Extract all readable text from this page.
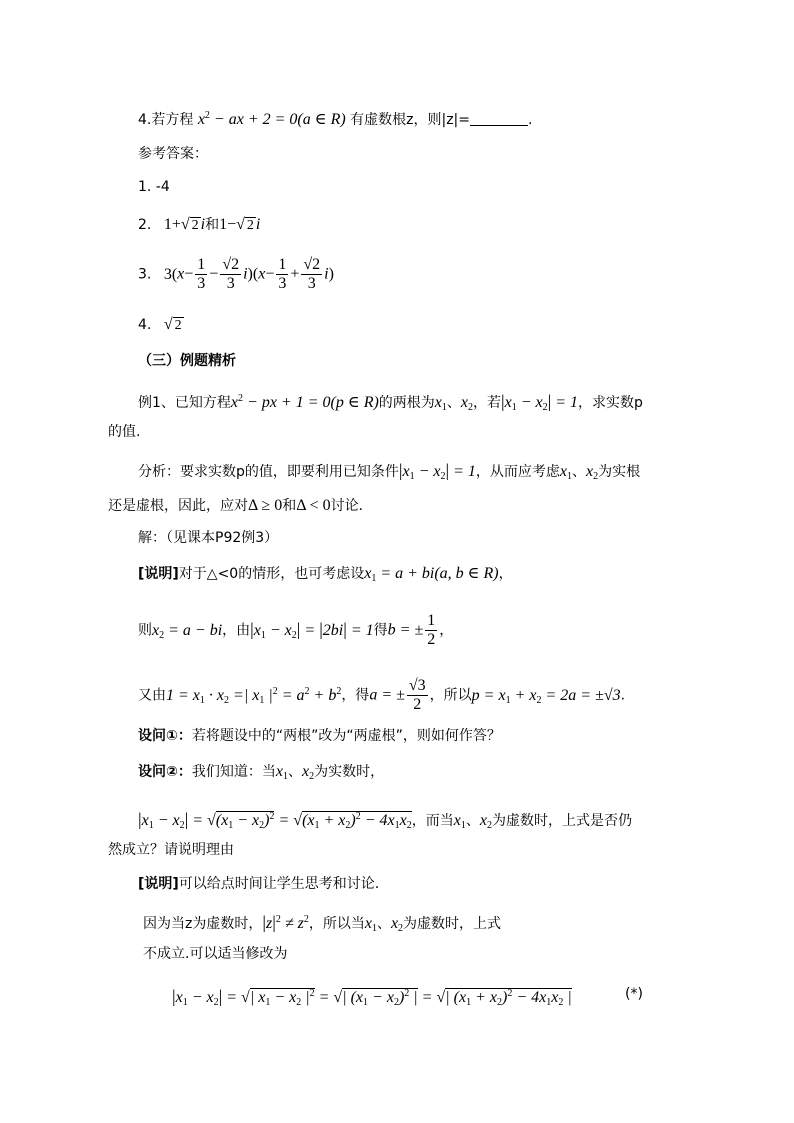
4.若方程 $x^2$ − ax + 2 = 0(a ∈ R) 有虚数根z，则|z|=	.
参考答案：
1. -4
2. 1+√ 2 i和1−√ 2 i
3. $3(x- \frac{1}{3} - \frac{√2}{3} i)(x- \frac{1}{3} + \frac{√2}{3} i)$
4. √ 2
（三）例题精析
例1、已知方程$x^2$ − px + 1 = 0(p ∈ R)的两根为$x_1$、$x_2$，若$|x_1 - x_2| = 1$，求实数p
的值.
分析：要求实数p的值，即要利用已知条件$|x_1 - x_2| = 1$，从而应考虑$x_1$、$x_2$为实根
还是虚根，因此，应对Δ ≥ 0和Δ < 0讨论.
解：（见课本P92例3）
[说明]对于△<0的情形，也可考虑设$x_1 = a + bi(a$, b ∈ R)，
则$x_2 = a$ − bi，由$|x_1 - x_2| = |2bi| = 1$得b = ± $\frac{1}{2}$ ，
又由$1 = x_1 \cdot x_2$ =| $x_1$ $|^2 = a^2 + b^2$，得a = ± $\frac{√3}{2}$ ，所以$p = x_1 + x_2 = 2a = \pm√3$.
设问①：若将题设中的“两根”改为“两虚根”，则如何作答？
设问②：我们知道：当$x_1$、$x_2$为实数时，
$|x_1 - x_2| = √(x_1 - x_2)^2 = √(x_1 + x_2)^2 - 4x_1x_2$，而当$x_1$、$x_2$为虚数时，上式是否仍
然成立？请说明理由
[说明]可以给点时间让学生思考和讨论.
因为当z为虚数时，$|z|^2 \ne z^2$，所以当$x_1$、$x_2$为虚数时，上式
不成立.可以适当修改为
$|x_1 - x_2|$ = √| $x_1 - x_2$ $|^2$ = √| $(x_1 - x_2)^2$ | = √| $(x_1 + x_2)^2 - 4x_1x_2$ |	(*)
